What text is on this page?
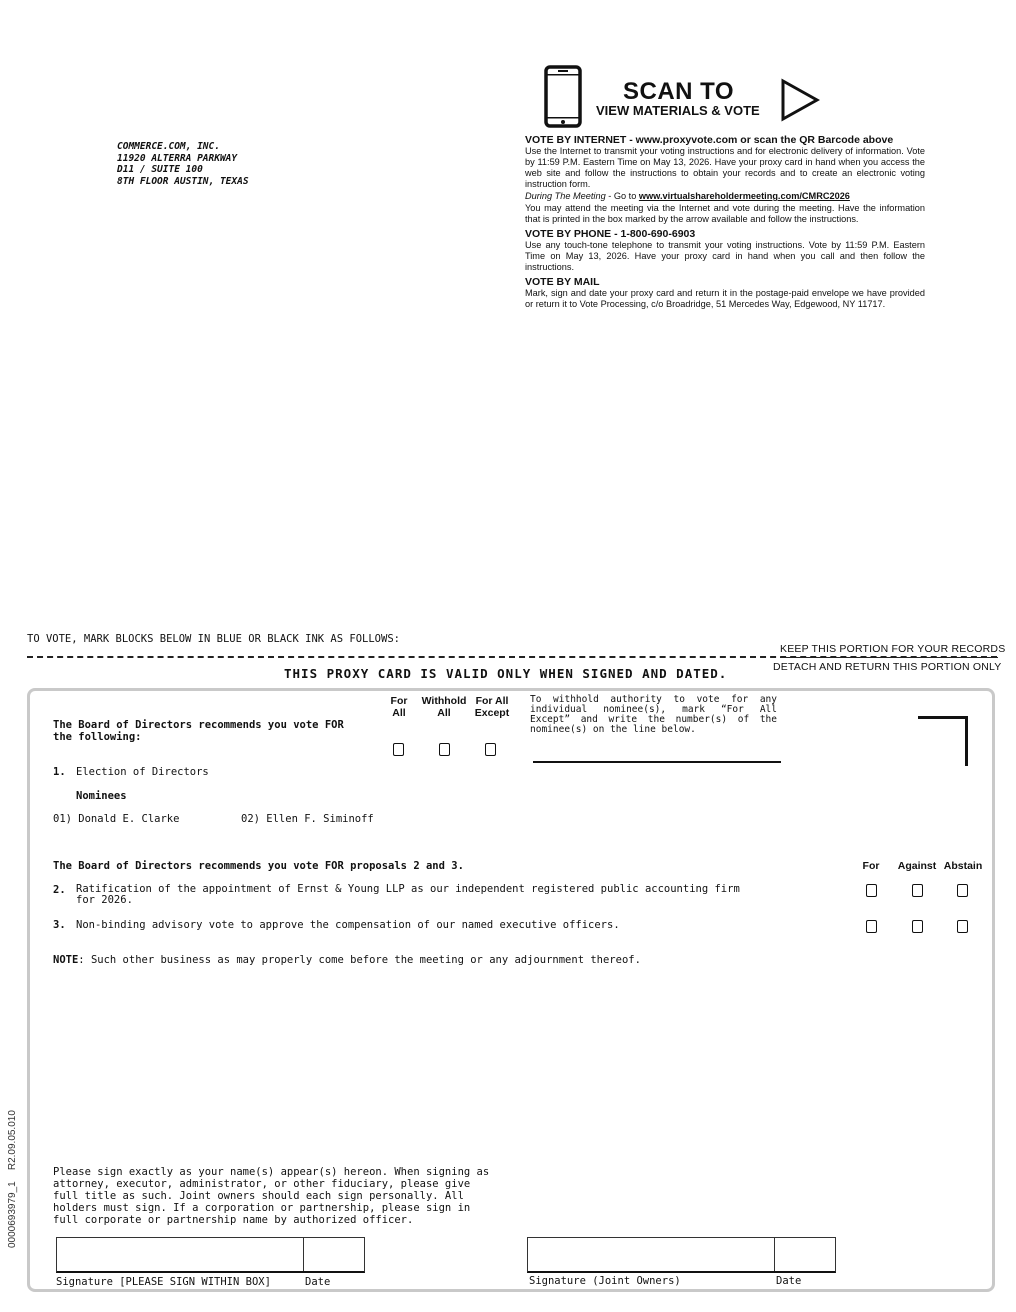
SCAN TO
VIEW MATERIALS & VOTE
COMMERCE.COM, INC.
11920 ALTERRA PARKWAY
D11 / SUITE 100
8TH FLOOR AUSTIN, TEXAS
VOTE BY INTERNET - www.proxyvote.com or scan the QR Barcode above
Use the Internet to transmit your voting instructions and for electronic delivery of information. Vote by 11:59 P.M. Eastern Time on May 13, 2026. Have your proxy card in hand when you access the web site and follow the instructions to obtain your records and to create an electronic voting instruction form.
During The Meeting - Go to www.virtualshareholdermeeting.com/CMRC2026
You may attend the meeting via the Internet and vote during the meeting. Have the information that is printed in the box marked by the arrow available and follow the instructions.
VOTE BY PHONE - 1-800-690-6903
Use any touch-tone telephone to transmit your voting instructions. Vote by 11:59 P.M. Eastern Time on May 13, 2026. Have your proxy card in hand when you call and then follow the instructions.
VOTE BY MAIL
Mark, sign and date your proxy card and return it in the postage-paid envelope we have provided or return it to Vote Processing, c/o Broadridge, 51 Mercedes Way, Edgewood, NY 11717.
TO VOTE, MARK BLOCKS BELOW IN BLUE OR BLACK INK AS FOLLOWS:
KEEP THIS PORTION FOR YOUR RECORDS
DETACH AND RETURN THIS PORTION ONLY
THIS PROXY CARD IS VALID ONLY WHEN SIGNED AND DATED.
The Board of Directors recommends you vote FOR
the following:
For
All
Withhold
All
For All
Except
To withhold authority to vote for any individual nominee(s), mark “For All Except” and write the number(s) of the nominee(s) on the line below.
1. Election of Directors
Nominees
01) Donald E. Clarke	02) Ellen F. Siminoff
The Board of Directors recommends you vote FOR proposals 2 and 3.	For	Against Abstain
2. Ratification of the appointment of Ernst & Young LLP as our independent registered public accounting firm for 2026.
3. Non-binding advisory vote to approve the compensation of our named executive officers.
NOTE: Such other business as may properly come before the meeting or any adjournment thereof.
Please sign exactly as your name(s) appear(s) hereon. When signing as attorney, executor, administrator, or other fiduciary, please give full title as such. Joint owners should each sign personally. All holders must sign. If a corporation or partnership, please sign in full corporate or partnership name by authorized officer.
Signature [PLEASE SIGN WITHIN BOX]	Date	Signature (Joint Owners)	Date
0000693979_1    R2.09.05.010
